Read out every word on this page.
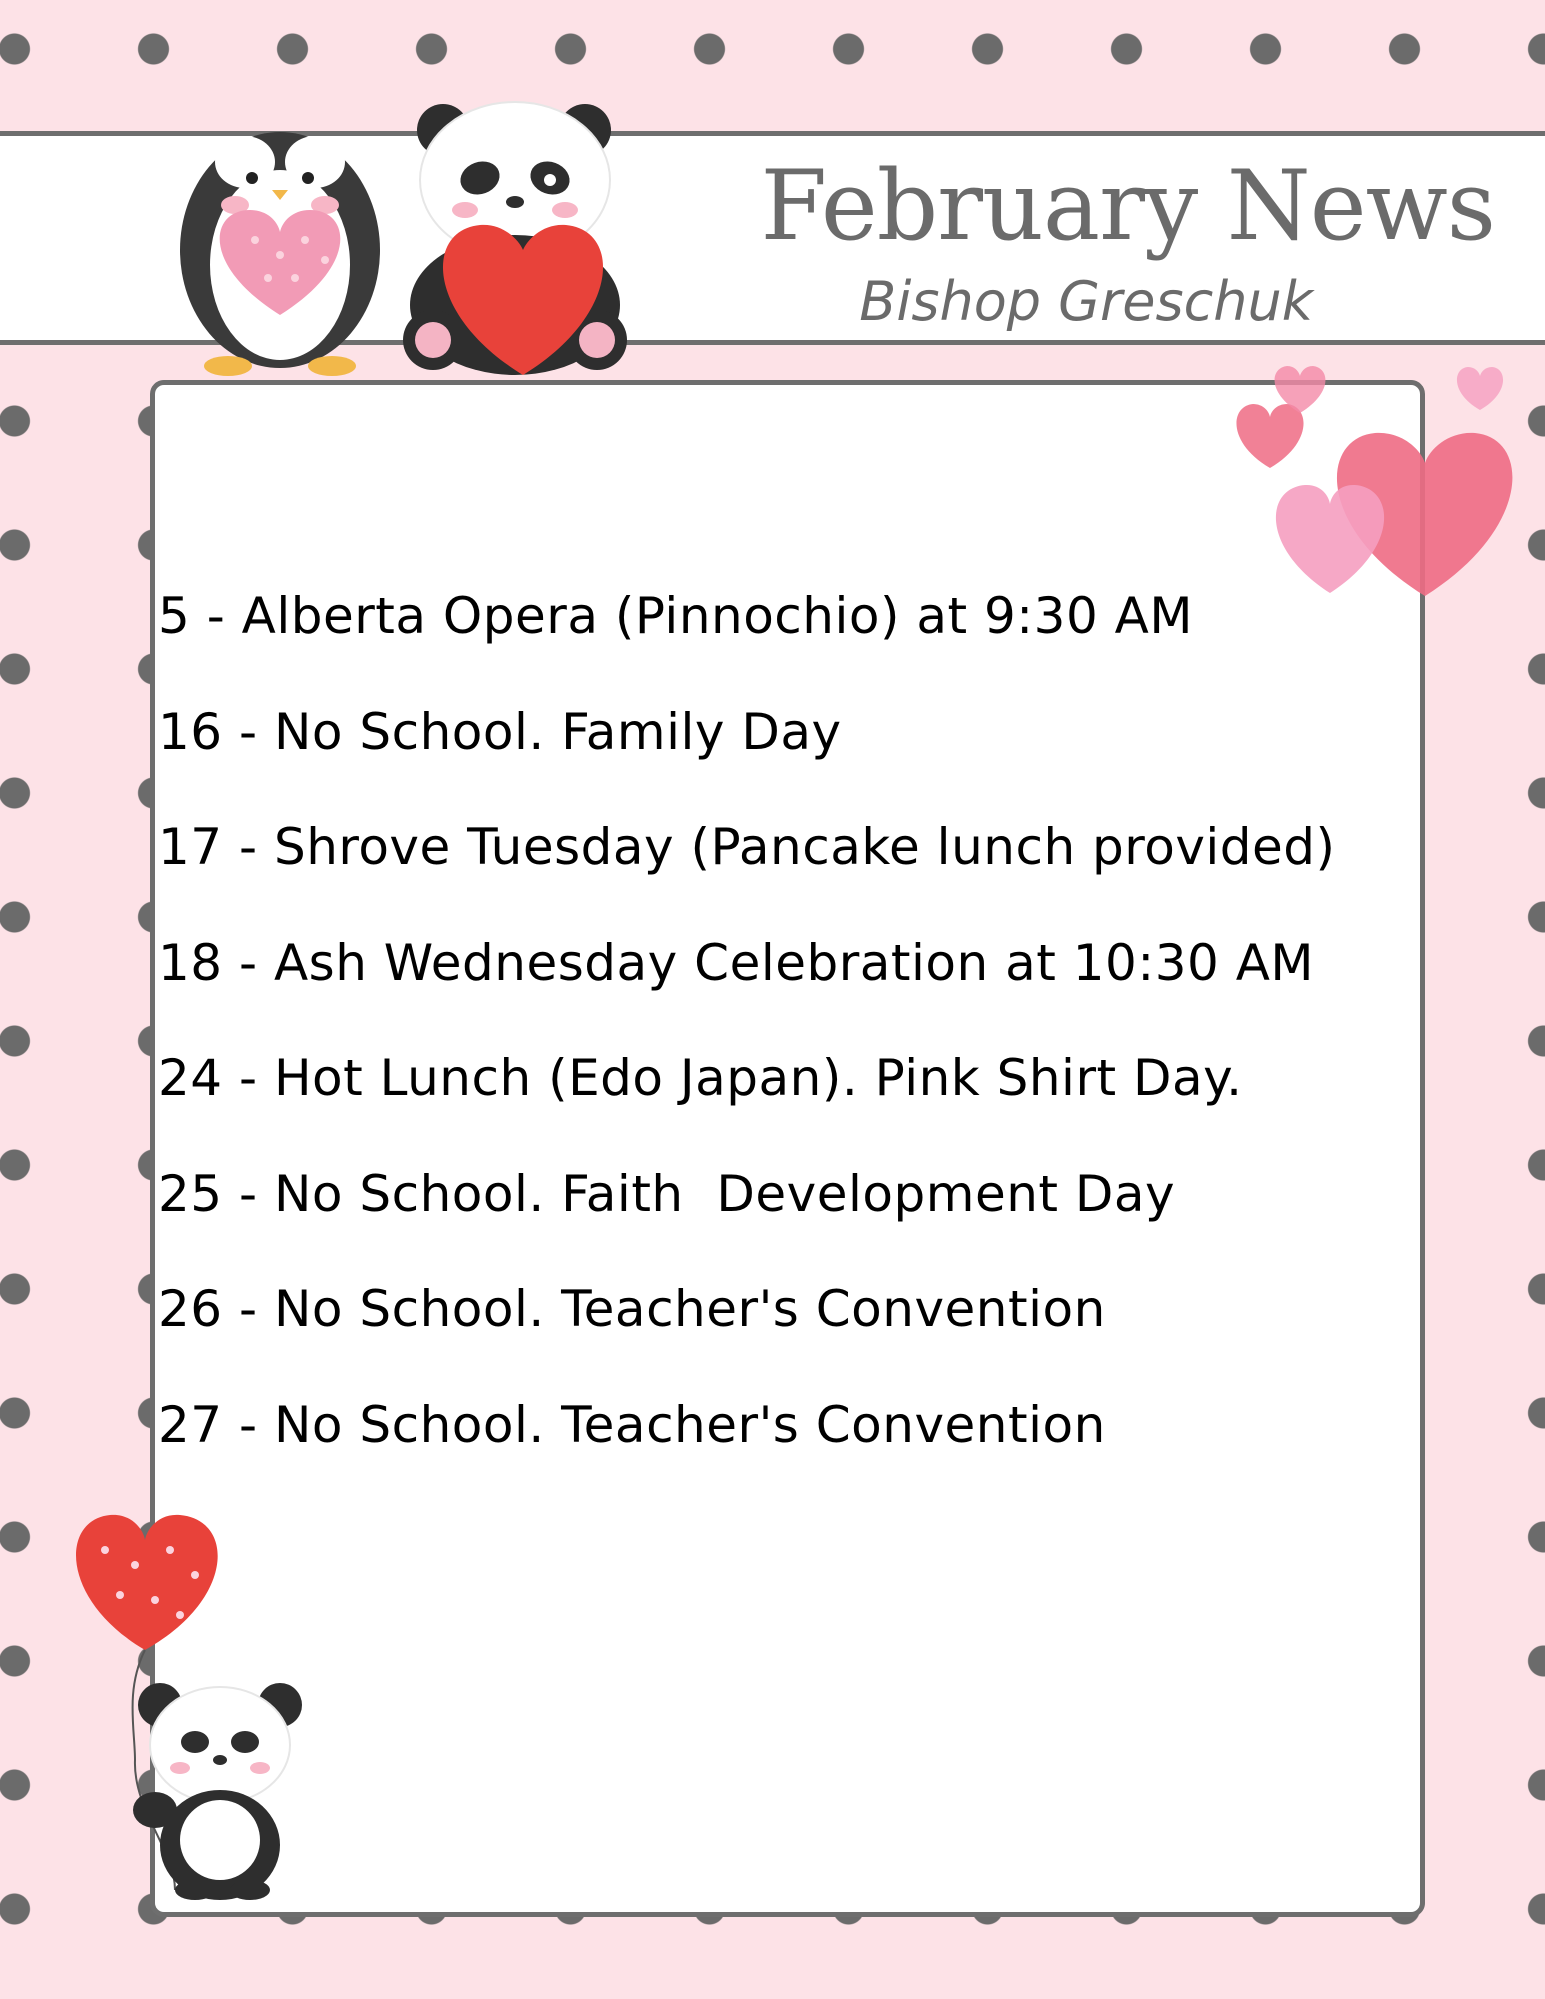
February News
Bishop Greschuk
5 - Alberta Opera (Pinnochio) at 9:30 AM
16 - No School. Family Day
17 - Shrove Tuesday (Pancake lunch provided)
18 - Ash Wednesday Celebration at 10:30 AM
24 - Hot Lunch (Edo Japan). Pink Shirt Day.
25 - No School. Faith  Development Day
26 - No School. Teacher's Convention
27 - No School. Teacher's Convention
